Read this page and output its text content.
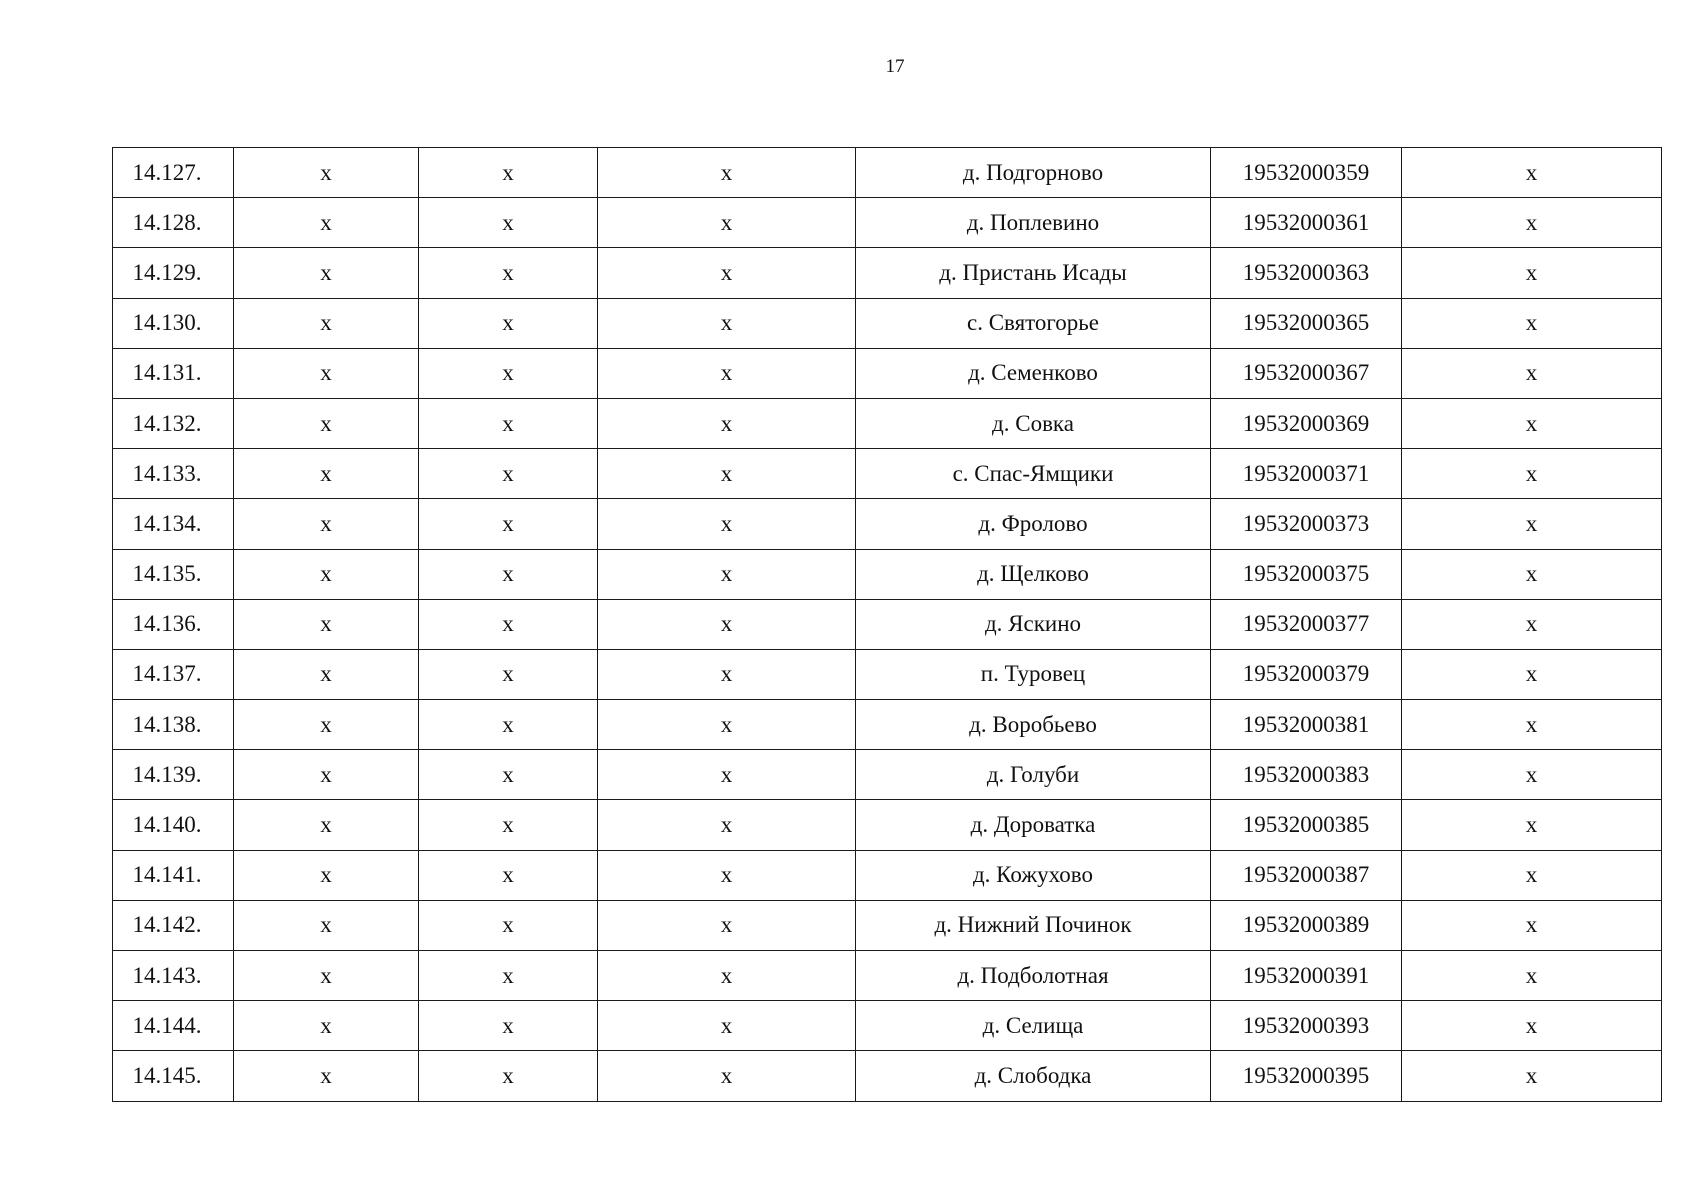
17
14.127.	х	х	х	д. Подгорново	19532000359	х
14.128.	х	х	х	д. Поплевино	19532000361	х
14.129.	х	х	х	д. Пристань Исады	19532000363	х
14.130.	х	х	х	с. Святогорье	19532000365	х
14.131.	х	х	х	д. Семенково	19532000367	х
14.132.	х	х	х	д. Совка	19532000369	х
14.133.	х	х	х	с. Спас-Ямщики	19532000371	х
14.134.	х	х	х	д. Фролово	19532000373	х
14.135.	х	х	х	д. Щелково	19532000375	х
14.136.	х	х	х	д. Яскино	19532000377	х
14.137.	х	х	х	п. Туровец	19532000379	х
14.138.	х	х	х	д. Воробьево	19532000381	х
14.139.	х	х	х	д. Голуби	19532000383	х
14.140.	х	х	х	д. Дороватка	19532000385	х
14.141.	х	х	х	д. Кожухово	19532000387	х
14.142.	х	х	х	д. Нижний Починок	19532000389	х
14.143.	х	х	х	д. Подболотная	19532000391	х
14.144.	х	х	х	д. Селища	19532000393	х
14.145.	х	х	х	д. Слободка	19532000395	х
